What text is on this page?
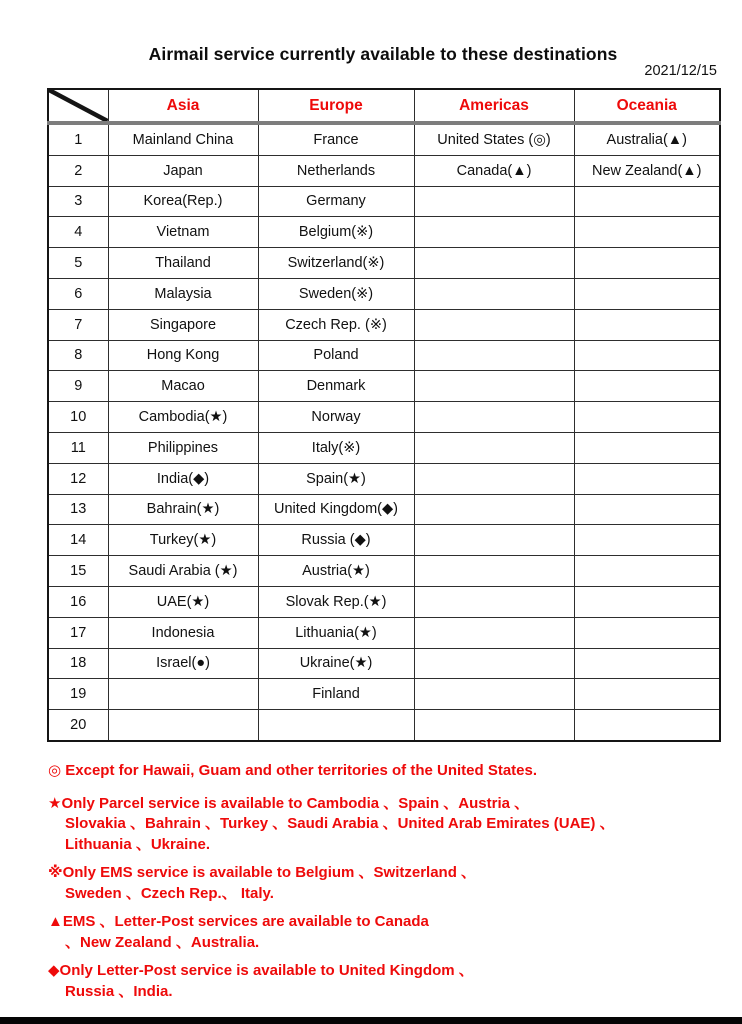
Airmail service currently available to these destinations
2021/12/15
	Asia	Europe	Americas	Oceania
1	Mainland China	France	United States (◎)	Australia(▲)
2	Japan	Netherlands	Canada(▲)	New Zealand(▲)
3	Korea(Rep.)	Germany		
4	Vietnam	Belgium(※)		
5	Thailand	Switzerland(※)		
6	Malaysia	Sweden(※)		
7	Singapore	Czech Rep. (※)		
8	Hong Kong	Poland		
9	Macao	Denmark		
10	Cambodia(★)	Norway		
11	Philippines	Italy(※)		
12	India(◆)	Spain(★)		
13	Bahrain(★)	United Kingdom(◆)		
14	Turkey(★)	Russia (◆)		
15	Saudi Arabia (★)	Austria(★)		
16	UAE(★)	Slovak Rep.(★)		
17	Indonesia	Lithuania(★)		
18	Israel(●)	Ukraine(★)		
19		Finland		
20				
◎ Except for Hawaii, Guam and other territories of the United States.
★Only Parcel service is available to Cambodia 、Spain 、Austria 、
Slovakia 、Bahrain 、Turkey 、Saudi Arabia 、United Arab Emirates (UAE) 、
Lithuania 、Ukraine.
※Only EMS service is available to Belgium 、Switzerland 、
Sweden 、Czech Rep.、 Italy.
▲EMS 、Letter-Post services are available to Canada
、New Zealand 、Australia.
◆Only Letter-Post service is available to United Kingdom 、
Russia 、India.
